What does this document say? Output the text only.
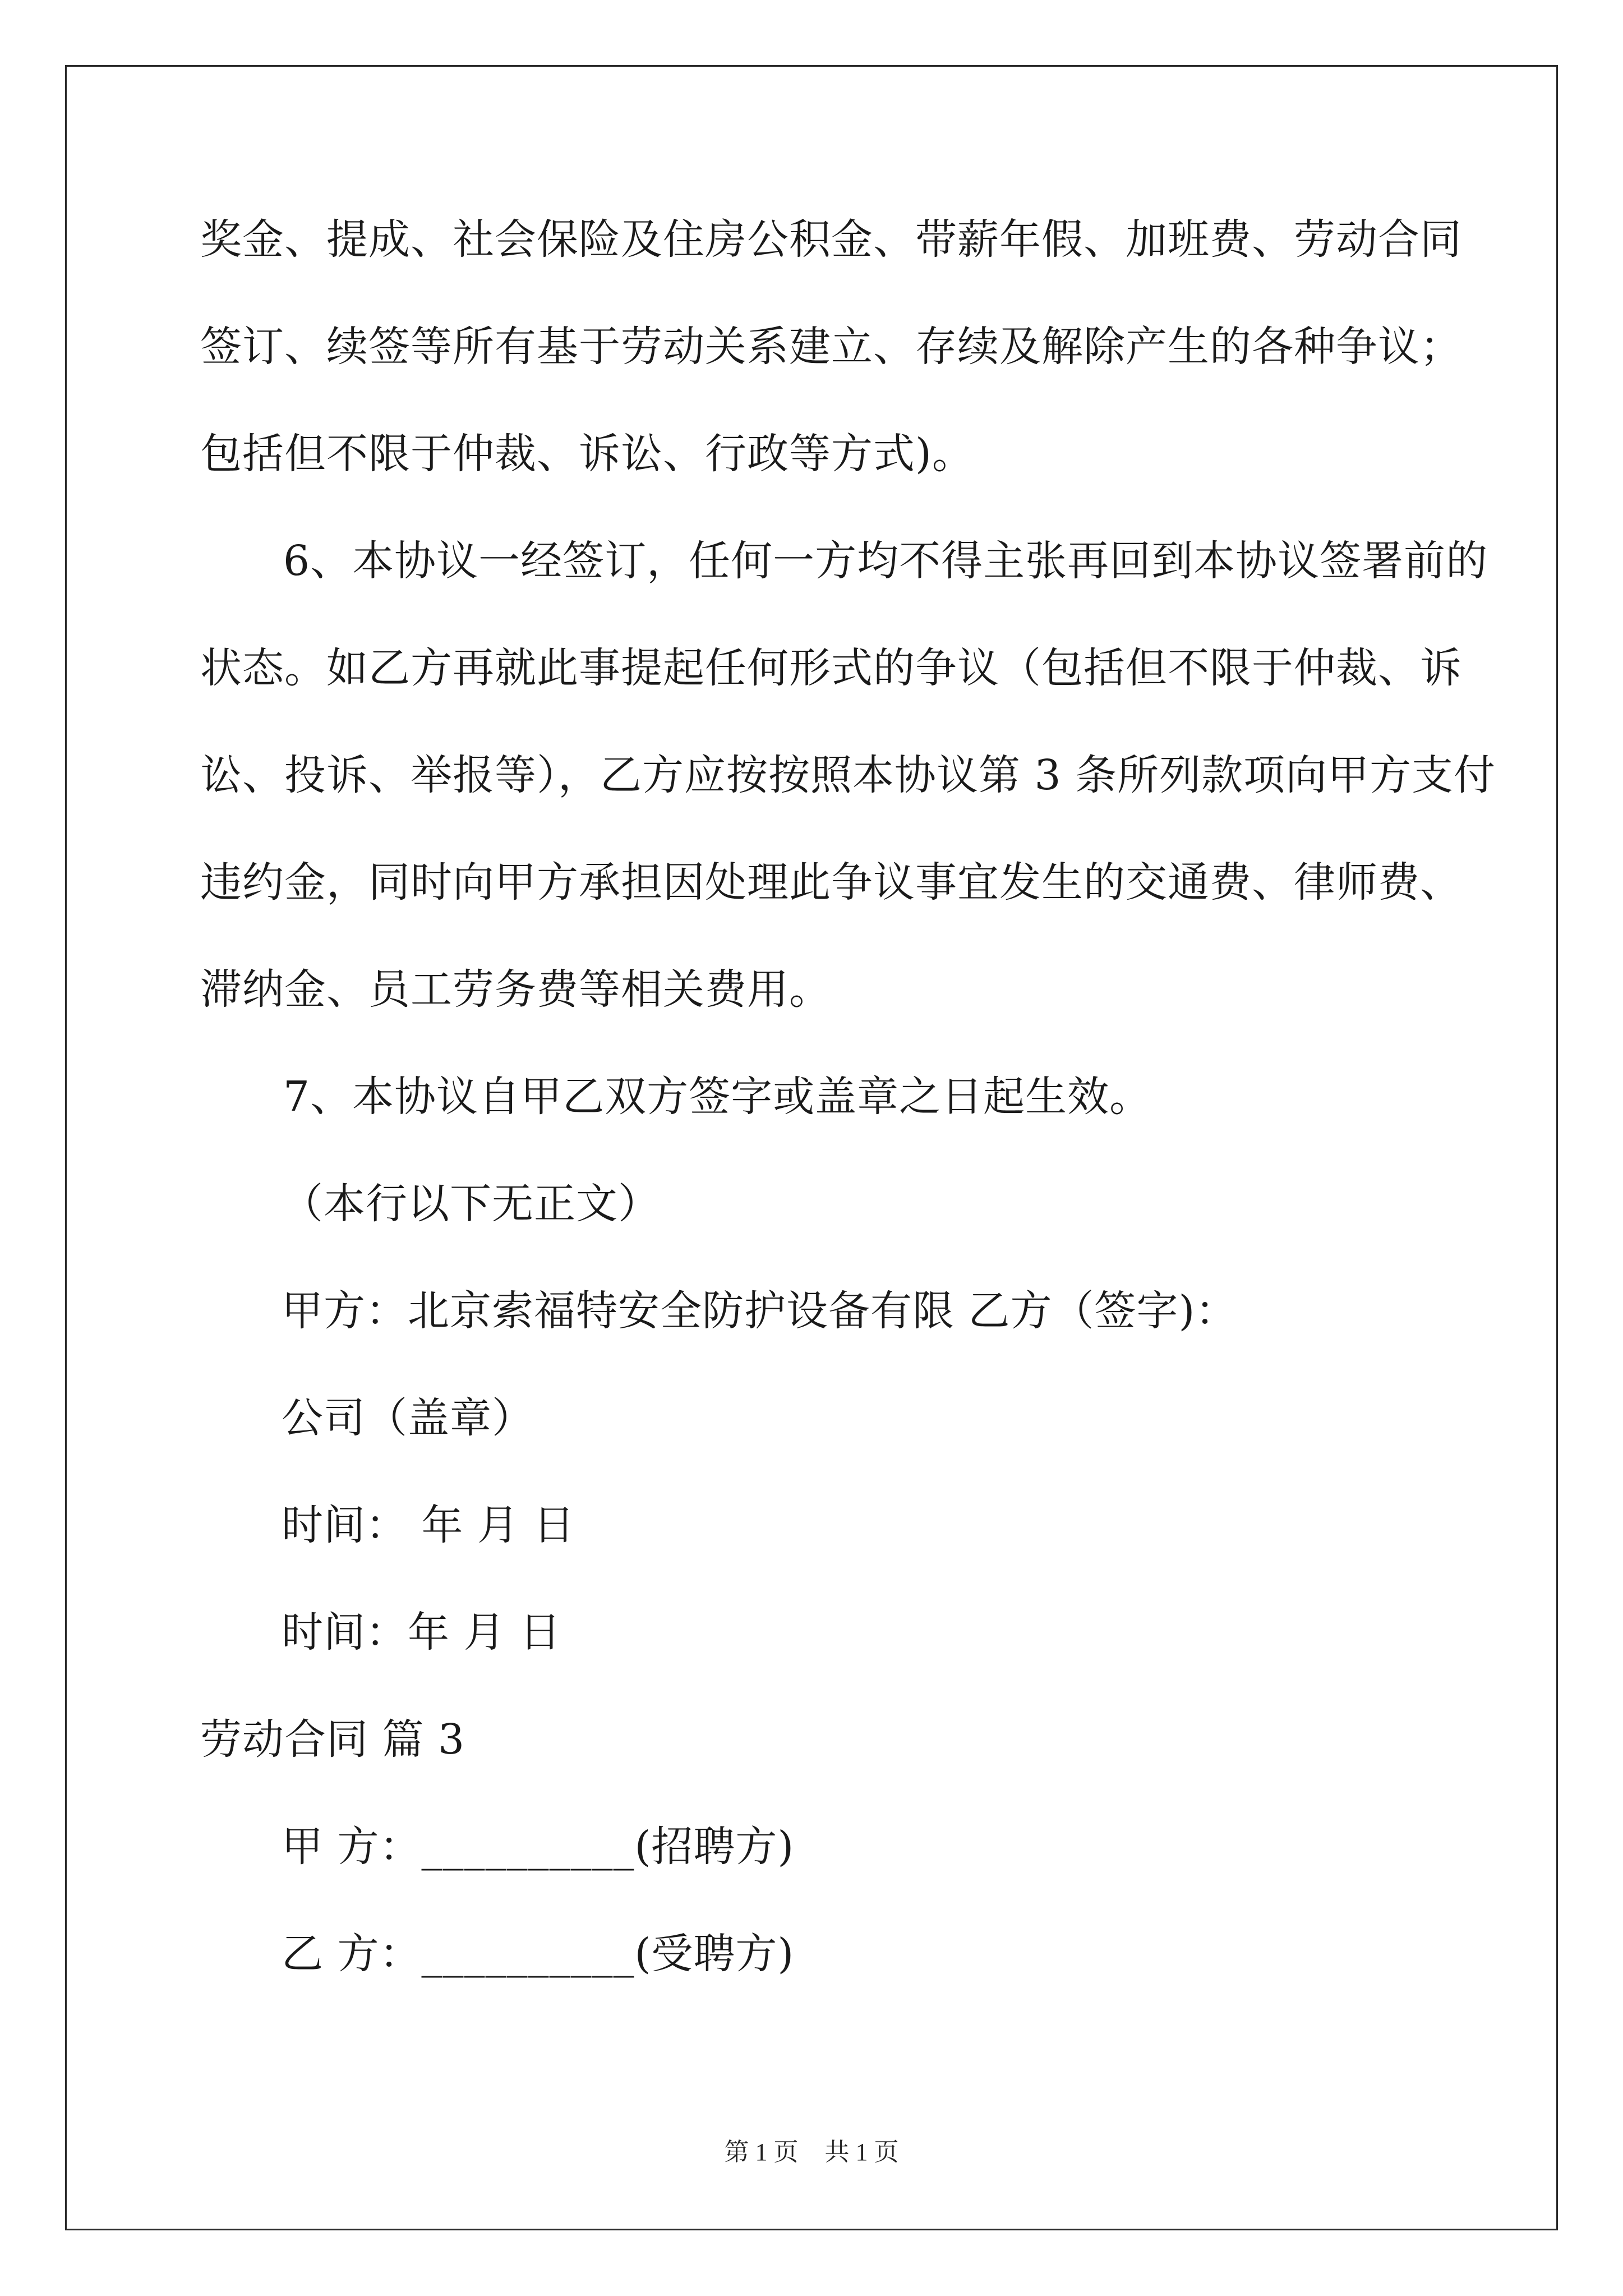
奖金、提成、社会保险及住房公积金、带薪年假、加班费、劳动合同
签订、续签等所有基于劳动关系建立、存续及解除产生的各种争议；
包括但不限于仲裁、诉讼、行政等方式)。
6、本协议一经签订，任何一方均不得主张再回到本协议签署前的
状态。如乙方再就此事提起任何形式的争议（包括但不限于仲裁、诉
讼、投诉、举报等），乙方应按按照本协议第 3 条所列款项向甲方支付
违约金，同时向甲方承担因处理此争议事宜发生的交通费、律师费、
滞纳金、员工劳务费等相关费用。
7、本协议自甲乙双方签字或盖章之日起生效。
（本行以下无正文）
甲方：北京索福特安全防护设备有限 乙方（签字)：
公司（盖章）
时间： 年 月 日
时间：年 月 日
劳动合同 篇 3
甲 方：__________(招聘方)
乙 方：__________(受聘方)
第 1 页 共 1 页
